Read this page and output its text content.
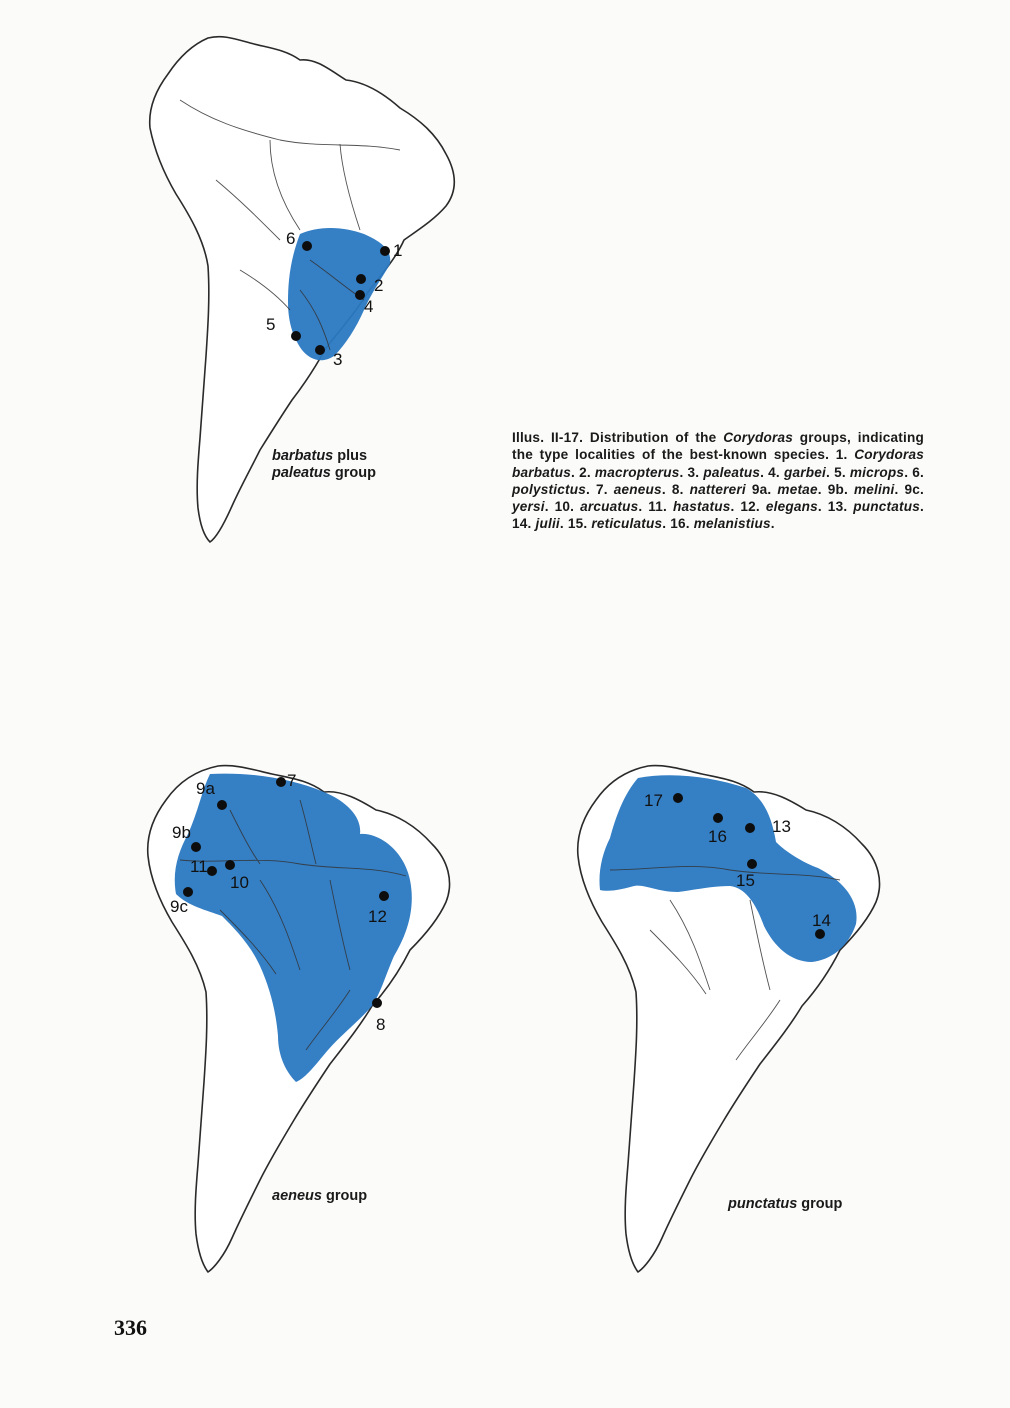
1
2
4
6
5
3
barbatus plus
paleatus group
Illus. II-17. Distribution of the Corydoras groups, indicating the type localities of the best-known species. 1. Corydoras barbatus. 2. macropterus. 3. paleatus. 4. garbei. 5. microps. 6. polystictus. 7. aeneus. 8. nattereri 9a. metae. 9b. melini. 9c. yersi. 10. arcuatus. 11. hastatus. 12. elegans. 13. punctatus. 14. julii. 15. reticulatus. 16. melanistius.
7
9a
9b
11
10
9c
12
8
aeneus group
17
16
13
15
14
punctatus group
336
